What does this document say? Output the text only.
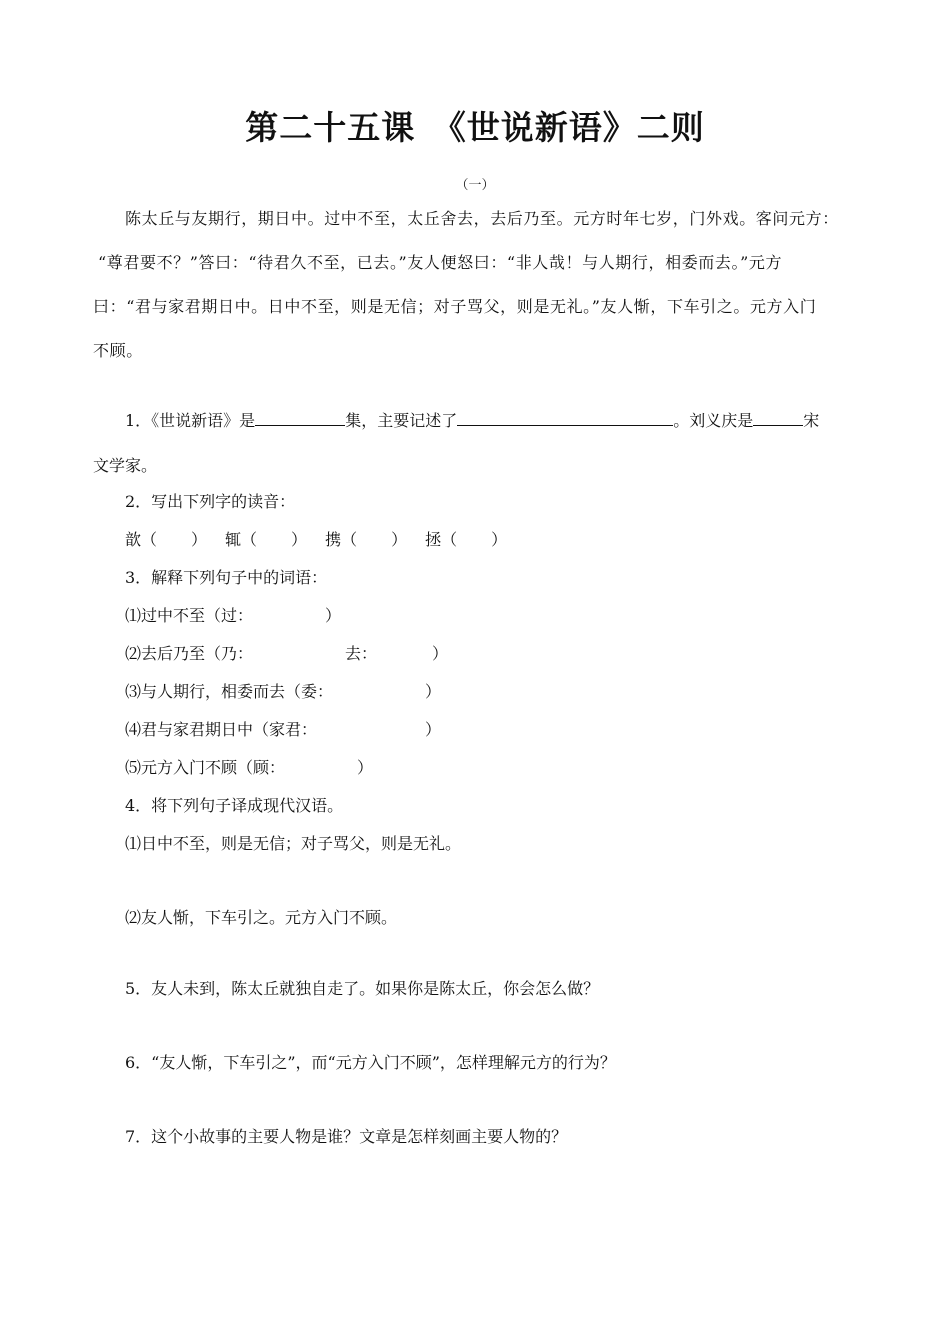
第二十五课　《世说新语》二则
（一）
陈太丘与友期行，期日中。过中不至，太丘舍去，去后乃至。元方时年七岁，门外戏。客问元方：
“尊君要不？”答曰：“待君久不至，已去。”友人便怒曰：“非人哉！与人期行，相委而去。”元方
曰：“君与家君期日中。日中不至，则是无信；对子骂父，则是无礼。”友人惭，下车引之。元方入门
不顾。
1．《世说新语》是	集，主要记述了	。刘义庆是	宋
文学家。
2．写出下列字的读音：
歆（ ） 辄（ ） 携（ ） 拯（ ）
3．解释下列句子中的词语：
⑴过中不至（过：	）
⑵去后乃至（乃：	去：	）
⑶与人期行，相委而去（委：	）
⑷君与家君期日中（家君：	）
⑸元方入门不顾（顾：	）
4．将下列句子译成现代汉语。
⑴日中不至，则是无信；对子骂父，则是无礼。
⑵友人惭，下车引之。元方入门不顾。
5．友人未到，陈太丘就独自走了。如果你是陈太丘，你会怎么做？
6．“友人惭，下车引之”，而“元方入门不顾”，怎样理解元方的行为？
7．这个小故事的主要人物是谁？文章是怎样刻画主要人物的？
